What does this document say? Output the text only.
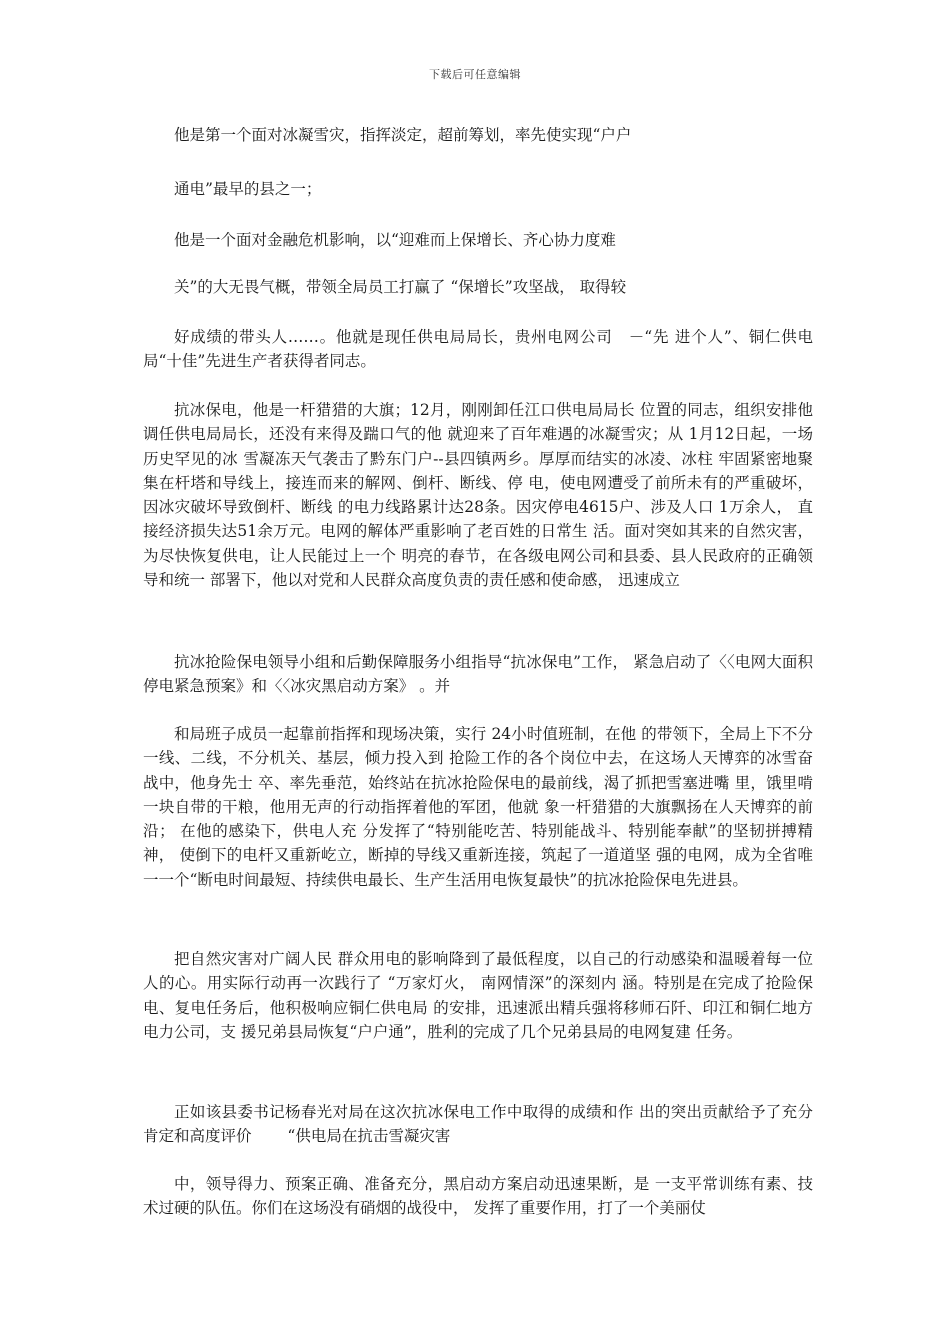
下载后可任意编辑
他是第一个面对冰凝雪灾，指挥淡定，超前筹划，率先使实现“户户
通电”最早的县之一；
他是一个面对金融危机影响，以“迎难而上保增长、齐心协力度难
关”的大无畏气概，带领全局员工打赢了 “保增长”攻坚战， 取得较

好成绩的带头人……。他就是现任供电局局长，贵州电网公司　－“先 进个人”、铜仁供电局“十佳”先进生产者获得者同志。

抗冰保电，他是一杆猎猎的大旗；12月，刚刚卸任江口供电局局长 位置的同志，组织安排他调任供电局局长，还没有来得及踹口气的他 就迎来了百年难遇的冰凝雪灾；从 1月12日起，一场历史罕见的冰 雪凝冻天气袭击了黔东门户--县四镇两乡。厚厚而结实的冰凌、冰柱 牢固紧密地聚集在杆塔和导线上，接连而来的解网、倒杆、断线、停 电，使电网遭受了前所未有的严重破坏，因冰灾破坏导致倒杆、断线 的电力线路累计达28条。因灾停电4615户、涉及人口 1万余人， 直接经济损失达51余万元。电网的解体严重影响了老百姓的日常生 活。面对突如其来的自然灾害，为尽快恢复供电，让人民能过上一个 明亮的春节，在各级电网公司和县委、县人民政府的正确领导和统一 部署下，他以对党和人民群众高度负责的责任感和使命感， 迅速成立

抗冰抢险保电领导小组和后勤保障服务小组指导“抗冰保电”工作， 紧急启动了〈〈电网大面积停电紧急预案》和〈〈冰灾黑启动方案》 。并

和局班子成员一起靠前指挥和现场决策，实行 24小时值班制，在他 的带领下，全局上下不分一线、二线，不分机关、基层，倾力投入到 抢险工作的各个岗位中去，在这场人天博弈的冰雪奋战中，他身先士 卒、率先垂范，始终站在抗冰抢险保电的最前线，渴了抓把雪塞进嘴 里，饿里啃一块自带的干粮，他用无声的行动指挥着他的军团，他就 象一杆猎猎的大旗飘扬在人天博弈的前沿； 在他的感染下，供电人充 分发挥了“特别能吃苦、特别能战斗、特别能奉献”的坚韧拼搏精神， 使倒下的电杆又重新屹立，断掉的导线又重新连接，筑起了一道道坚 强的电网，成为全省唯一一个“断电时间最短、持续供电最长、生产生活用电恢复最快”的抗冰抢险保电先进县。

把自然灾害对广阔人民 群众用电的影响降到了最低程度，以自己的行动感染和温暖着每一位 人的心。用实际行动再一次践行了 “万家灯火， 南网情深”的深刻内 涵。特别是在完成了抢险保电、复电任务后，他积极响应铜仁供电局 的安排，迅速派出精兵强将移师石阡、印江和铜仁地方电力公司，支 援兄弟县局恢复“户户通”，胜利的完成了几个兄弟县局的电网复建 任务。

正如该县委书记杨春光对局在这次抗冰保电工作中取得的成绩和作 出的突出贡献给予了充分肯定和高度评价 　　“供电局在抗击雪凝灾害

中，领导得力、预案正确、准备充分，黑启动方案启动迅速果断，是 一支平常训练有素、技术过硬的队伍。你们在这场没有硝烟的战役中， 发挥了重要作用，打了一个美丽仗
